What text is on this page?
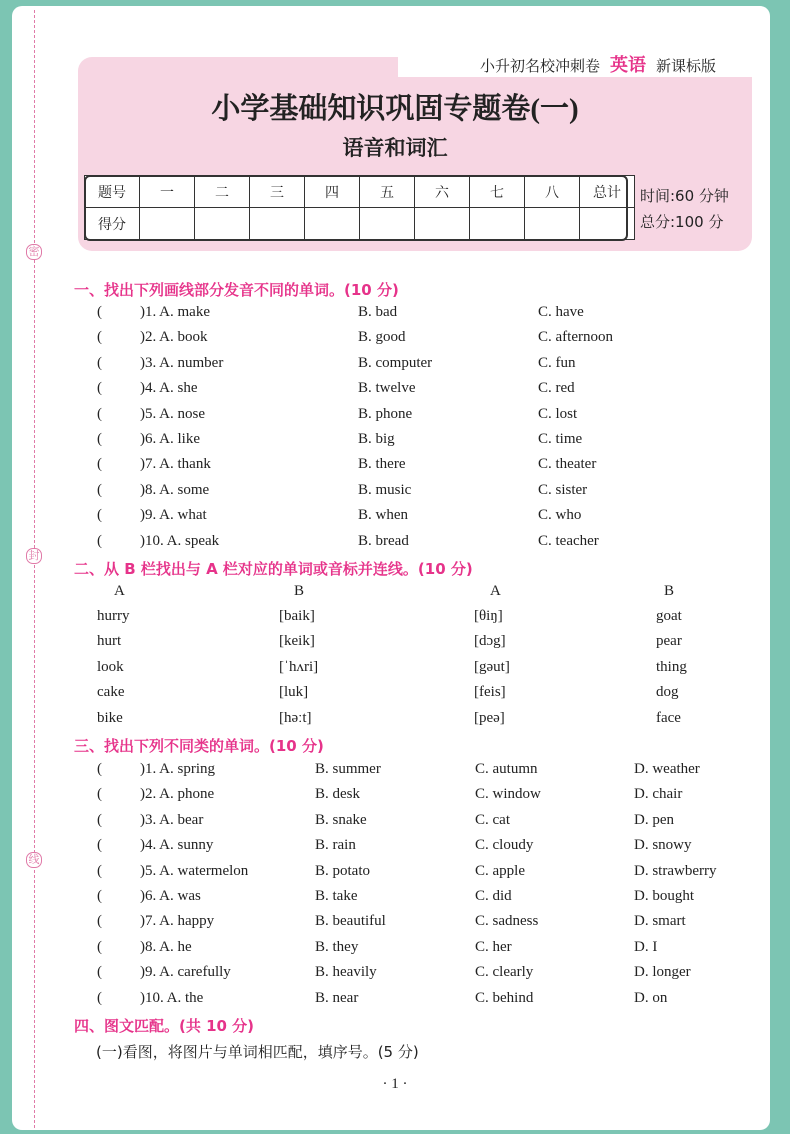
密
封
线
小升初名校冲刺卷 英语 新课标版
小学基础知识巩固专题卷(一)
语音和词汇
题号	一	二	三	四	五	六	七	八	总计
得分									
时间:60 分钟
总分:100 分
一、找出下列画线部分发音不同的单词。(10 分)
(	)1. A. make	B. bad	C. have
(	)2. A. book	B. good	C. afternoon
(	)3. A. number	B. computer	C. fun
(	)4. A. she	B. twelve	C. red
(	)5. A. nose	B. phone	C. lost
(	)6. A. like	B. big	C. time
(	)7. A. thank	B. there	C. theater
(	)8. A. some	B. music	C. sister
(	)9. A. what	B. when	C. who
(	)10. A. speak	B. bread	C. teacher
二、从 B 栏找出与 A 栏对应的单词或音标并连线。(10 分)
A	B	A	B
hurry	[baik]	[θiŋ]	goat
hurt	[keik]	[dɔg]	pear
look	[ˈhʌri]	[gəut]	thing
cake	[luk]	[feis]	dog
bike	[həːt]	[peə]	face
三、找出下列不同类的单词。(10 分)
(	)1. A. spring	B. summer	C. autumn	D. weather
(	)2. A. phone	B. desk	C. window	D. chair
(	)3. A. bear	B. snake	C. cat	D. pen
(	)4. A. sunny	B. rain	C. cloudy	D. snowy
(	)5. A. watermelon	B. potato	C. apple	D. strawberry
(	)6. A. was	B. take	C. did	D. bought
(	)7. A. happy	B. beautiful	C. sadness	D. smart
(	)8. A. he	B. they	C. her	D. I
(	)9. A. carefully	B. heavily	C. clearly	D. longer
(	)10. A. the	B. near	C. behind	D. on
四、图文匹配。(共 10 分)
(一)看图，将图片与单词相匹配，填序号。(5 分)
· 1 ·
